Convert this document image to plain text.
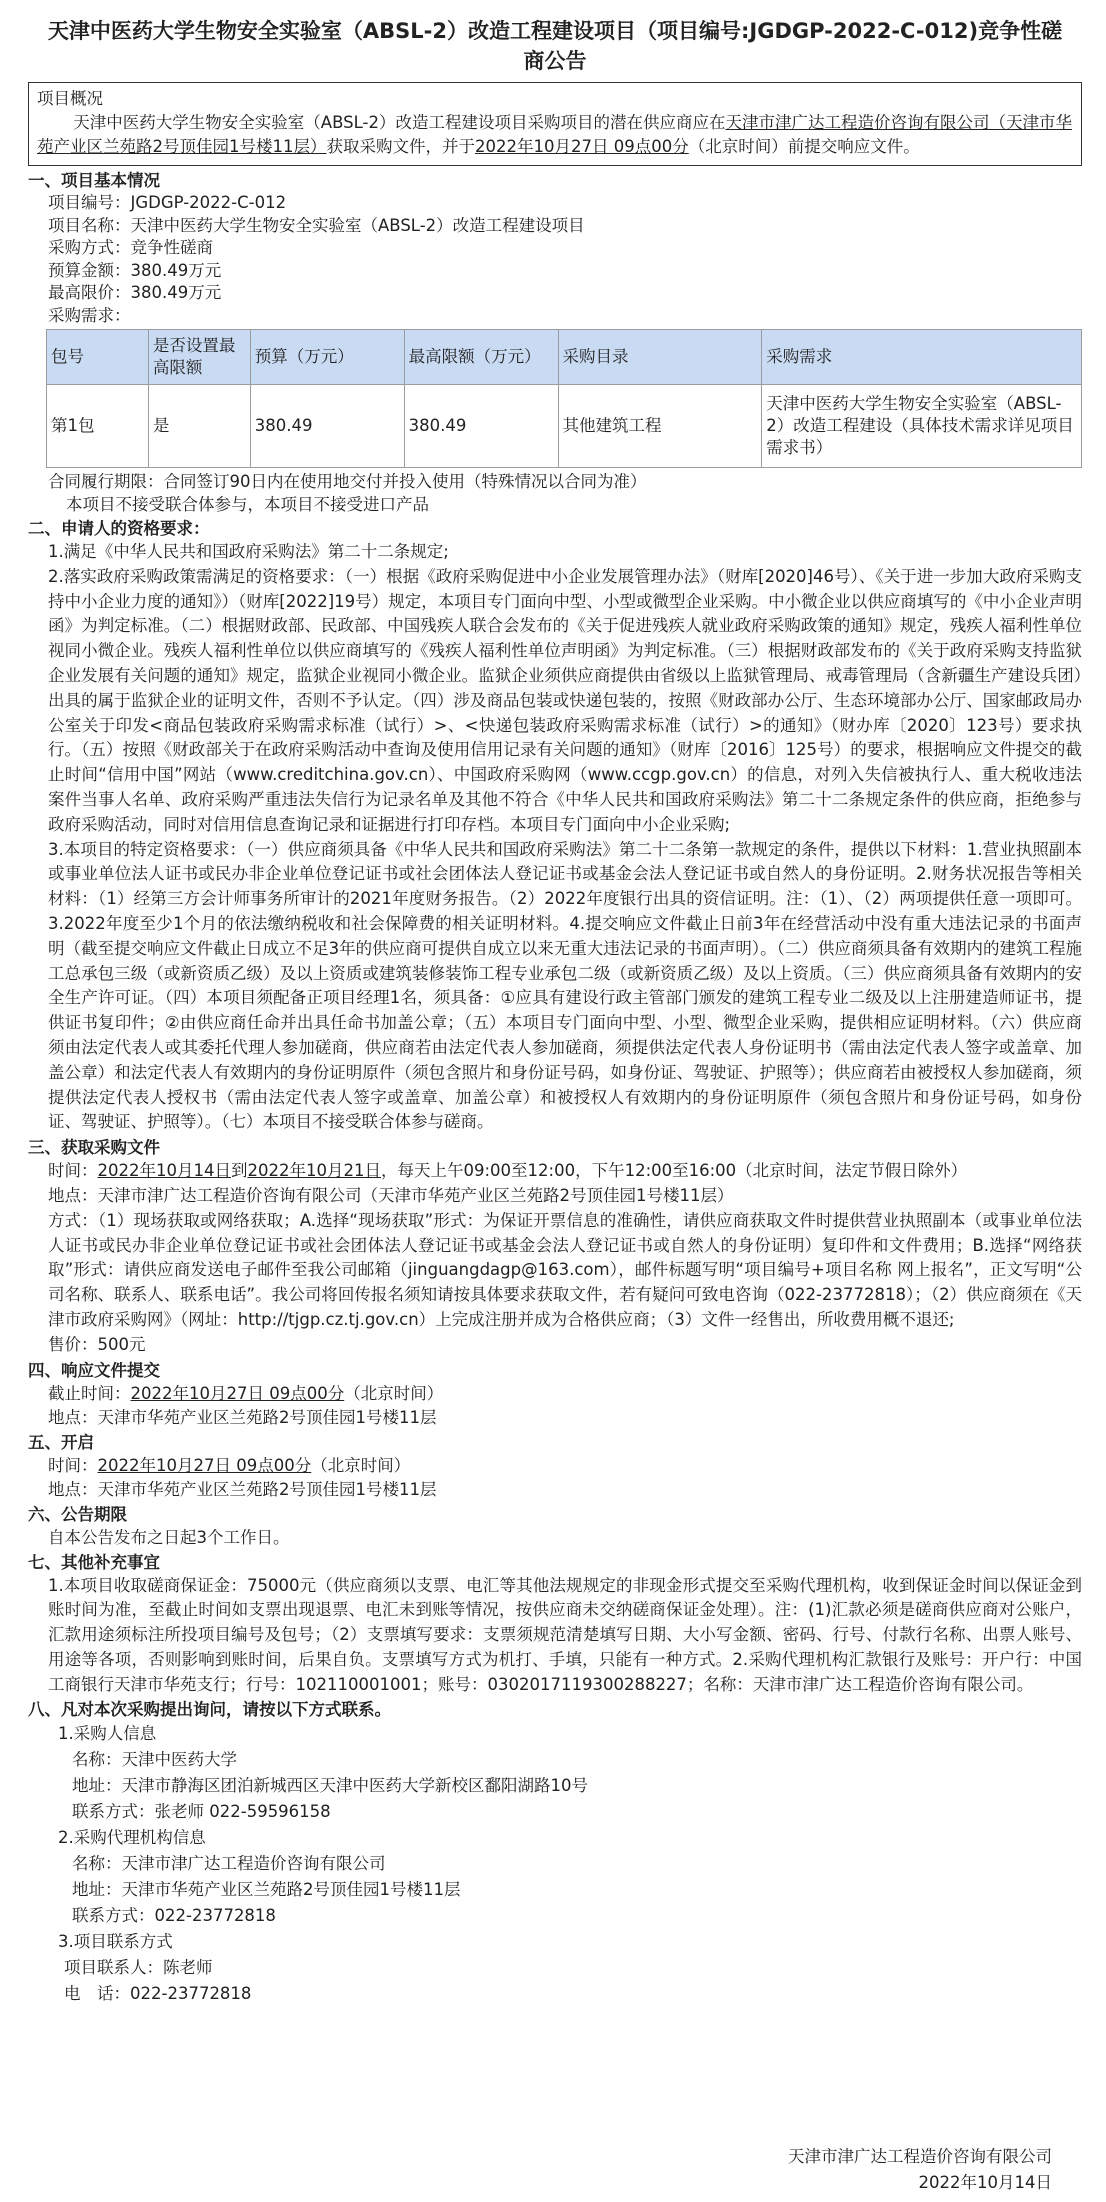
天津中医药大学生物安全实验室（ABSL-2）改造工程建设项目（项目编号:JGDGP-2022-C-012)竞争性磋商公告
项目概况
天津中医药大学生物安全实验室（ABSL-2）改造工程建设项目采购项目的潜在供应商应在天津市津广达工程造价咨询有限公司（天津市华苑产业区兰苑路2号顶佳园1号楼11层）获取采购文件，并于2022年10月27日 09点00分（北京时间）前提交响应文件。
一、项目基本情况
项目编号：JGDGP-2022-C-012
项目名称：天津中医药大学生物安全实验室（ABSL-2）改造工程建设项目
采购方式：竞争性磋商
预算金额：380.49万元
最高限价：380.49万元
采购需求：
包号	是否设置最高限额	预算（万元）	最高限额（万元）	采购目录	采购需求
第1包	是	380.49	380.49	其他建筑工程	天津中医药大学生物安全实验室（ABSL-2）改造工程建设（具体技术需求详见项目需求书）
合同履行期限：合同签订90日内在使用地交付并投入使用（特殊情况以合同为准）
本项目不接受联合体参与，本项目不接受进口产品
二、申请人的资格要求：
1.满足《中华人民共和国政府采购法》第二十二条规定;
2.落实政府采购政策需满足的资格要求：（一）根据《政府采购促进中小企业发展管理办法》（财库[2020]46号）、《关于进一步加大政府采购支持中小企业力度的通知》）（财库[2022]19号）规定，本项目专门面向中型、小型或微型企业采购。中小微企业以供应商填写的《中小企业声明函》为判定标准。（二）根据财政部、民政部、中国残疾人联合会发布的《关于促进残疾人就业政府采购政策的通知》规定，残疾人福利性单位视同小微企业。残疾人福利性单位以供应商填写的《残疾人福利性单位声明函》为判定标准。（三）根据财政部发布的《关于政府采购支持监狱企业发展有关问题的通知》规定，监狱企业视同小微企业。监狱企业须供应商提供由省级以上监狱管理局、戒毒管理局（含新疆生产建设兵团）出具的属于监狱企业的证明文件，否则不予认定。（四）涉及商品包装或快递包装的，按照《财政部办公厅、生态环境部办公厅、国家邮政局办公室关于印发<商品包装政府采购需求标准（试行）>、<快递包装政府采购需求标准（试行）>的通知》（财办库〔2020〕123号）要求执行。（五）按照《财政部关于在政府采购活动中查询及使用信用记录有关问题的通知》（财库〔2016〕125号）的要求，根据响应文件提交的截止时间“信用中国”网站（www.creditchina.gov.cn）、中国政府采购网（www.ccgp.gov.cn）的信息，对列入失信被执行人、重大税收违法案件当事人名单、政府采购严重违法失信行为记录名单及其他不符合《中华人民共和国政府采购法》第二十二条规定条件的供应商，拒绝参与政府采购活动，同时对信用信息查询记录和证据进行打印存档。本项目专门面向中小企业采购;
3.本项目的特定资格要求：（一）供应商须具备《中华人民共和国政府采购法》第二十二条第一款规定的条件，提供以下材料：1.营业执照副本或事业单位法人证书或民办非企业单位登记证书或社会团体法人登记证书或基金会法人登记证书或自然人的身份证明。2.财务状况报告等相关材料：（1）经第三方会计师事务所审计的2021年度财务报告。（2）2022年度银行出具的资信证明。注：（1）、（2）两项提供任意一项即可。3.2022年度至少1个月的依法缴纳税收和社会保障费的相关证明材料。4.提交响应文件截止日前3年在经营活动中没有重大违法记录的书面声明（截至提交响应文件截止日成立不足3年的供应商可提供自成立以来无重大违法记录的书面声明）。（二）供应商须具备有效期内的建筑工程施工总承包三级（或新资质乙级）及以上资质或建筑装修装饰工程专业承包二级（或新资质乙级）及以上资质。（三）供应商须具备有效期内的安全生产许可证。（四）本项目须配备正项目经理1名，须具备：①应具有建设行政主管部门颁发的建筑工程专业二级及以上注册建造师证书，提供证书复印件；②由供应商任命并出具任命书加盖公章；（五）本项目专门面向中型、小型、微型企业采购，提供相应证明材料。（六）供应商须由法定代表人或其委托代理人参加磋商，供应商若由法定代表人参加磋商，须提供法定代表人身份证明书（需由法定代表人签字或盖章、加盖公章）和法定代表人有效期内的身份证明原件（须包含照片和身份证号码，如身份证、驾驶证、护照等）；供应商若由被授权人参加磋商，须提供法定代表人授权书（需由法定代表人签字或盖章、加盖公章）和被授权人有效期内的身份证明原件（须包含照片和身份证号码，如身份证、驾驶证、护照等）。（七）本项目不接受联合体参与磋商。
三、获取采购文件
时间：2022年10月14日到2022年10月21日，每天上午09:00至12:00，下午12:00至16:00（北京时间，法定节假日除外）
地点：天津市津广达工程造价咨询有限公司（天津市华苑产业区兰苑路2号顶佳园1号楼11层）
方式：（1）现场获取或网络获取；A.选择“现场获取”形式：为保证开票信息的准确性，请供应商获取文件时提供营业执照副本（或事业单位法人证书或民办非企业单位登记证书或社会团体法人登记证书或基金会法人登记证书或自然人的身份证明）复印件和文件费用；B.选择“网络获取”形式：请供应商发送电子邮件至我公司邮箱（jinguangdagp@163.com），邮件标题写明“项目编号+项目名称 网上报名”，正文写明“公司名称、联系人、联系电话”。我公司将回传报名须知请按具体要求获取文件，若有疑问可致电咨询（022-23772818）；（2）供应商须在《天津市政府采购网》（网址：http://tjgp.cz.tj.gov.cn）上完成注册并成为合格供应商；（3）文件一经售出，所收费用概不退还;
售价：500元
四、响应文件提交
截止时间：2022年10月27日 09点00分（北京时间）
地点：天津市华苑产业区兰苑路2号顶佳园1号楼11层
五、开启
时间：2022年10月27日 09点00分（北京时间）
地点：天津市华苑产业区兰苑路2号顶佳园1号楼11层
六、公告期限
自本公告发布之日起3个工作日。
七、其他补充事宜
1.本项目收取磋商保证金：75000元（供应商须以支票、电汇等其他法规规定的非现金形式提交至采购代理机构，收到保证金时间以保证金到账时间为准，至截止时间如支票出现退票、电汇未到账等情况，按供应商未交纳磋商保证金处理）。注：(1)汇款必须是磋商供应商对公账户，汇款用途须标注所投项目编号及包号；（2）支票填写要求：支票须规范清楚填写日期、大小写金额、密码、行号、付款行名称、出票人账号、用途等各项，否则影响到账时间，后果自负。支票填写方式为机打、手填，只能有一种方式。2.采购代理机构汇款银行及账号：开户行：中国工商银行天津市华苑支行；行号：102110001001；账号：0302017119300288227；名称：天津市津广达工程造价咨询有限公司。
八、凡对本次采购提出询问，请按以下方式联系。
1.采购人信息
名称：天津中医药大学
地址：天津市静海区团泊新城西区天津中医药大学新校区鄱阳湖路10号
联系方式：张老师 022-59596158
2.采购代理机构信息
名称：天津市津广达工程造价咨询有限公司
地址：天津市华苑产业区兰苑路2号顶佳园1号楼11层
联系方式：022-23772818
3.项目联系方式
项目联系人：陈老师
电　话：022-23772818
天津市津广达工程造价咨询有限公司
2022年10月14日
